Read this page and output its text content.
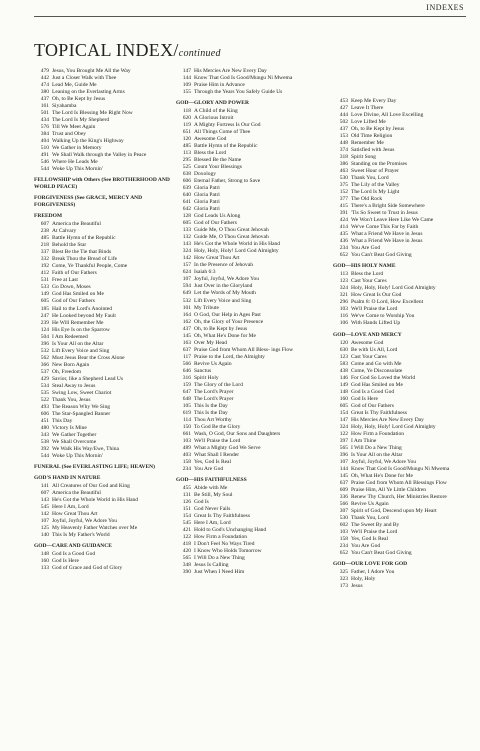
INDEXES
TOPICAL INDEX/continued
479 Jesus, You Brought Me All the Way
442 Just a Closer Walk with Thee
474 Lead Me, Guide Me
380 Leaning on the Everlasting Arms
437 Oh, to Be Kept by Jesus
161 Siyahamba
501 The Lord Is Blessing Me Right Now
434 The Lord Is My Shepherd
576 Till We Meet Again
384 Trust and Obey
404 Walking Up the King's Highway
510 We Gather in Memory
491 We Shall Walk through the Valley in Peace
546 Where He Leads Me
544 Woke Up This Mornin'
FELLOWSHIP with Others (See BROTHERHOOD AND WORLD PEACE)
FORGIVENESS (See GRACE, MERCY AND FORGIVENESS)
FREEDOM
607 America the Beautiful
238 At Calvary
485 Battle Hymn of the Republic
218 Behold the Star
337 Blest Be the Tie that Binds
332 Break Thou the Bread of Life
192 Come, Ye Thankful People, Come
412 Faith of Our Fathers
531 Free at Last
533 Go Down, Moses
149 God Has Smiled on Me
605 God of Our Fathers
185 Hail to the Lord's Anointed
247 He Looked beyond My Fault
239 He Will Remember Me
124 His Eye Is on the Sparrow
504 I Am Redeemed
396 Is Your All on the Altar
532 Lift Every Voice and Sing
562 Must Jesus Bear the Cross Alone
366 New Born Again
537 Oh, Freedom
429 Savior, like a Shepherd Lead Us
534 Steal Away to Jesus
535 Swing Low, Sweet Chariot
522 Thank You, Jesus
493 The Reason Why We Sing
606 The Star-Spangled Banner
451 This Day
480 Victory Is Mine
343 We Gather Together
538 We Shall Overcome
392 We Walk His Way/Ewe, Thina
544 Woke Up This Mornin'
FUNERAL (See EVERLASTING LIFE; HEAVEN)
GOD'S HAND IN NATURE
141 All Creatures of Our God and King
607 America the Beautiful
143 He's Got the Whole World in His Hand
545 Here I Am, Lord
142 How Great Thou Art
107 Joyful, Joyful, We Adore You
125 My Heavenly Father Watches over Me
140 This Is My Father's World
GOD—CARE AND GUIDANCE
148 God Is a Good God
160 God Is Here
133 God of Grace and God of Glory
147 His Mercies Are New Every Day
144 Know That God Is Good/Mungu Ni Mwema
109 Praise Him in Advance
155 Through the Years You Safely Guide Us
GOD—GLORY AND POWER
118 A Child of the King
620 A Glorious Introit
119 A Mighty Fortress Is Our God
651 All Things Come of Thee
120 Awesome God
485 Battle Hymn of the Republic
113 Bless the Lord
295 Blessed Be the Name
525 Count Your Blessings
638 Doxology
606 Eternal Father, Strong to Save
639 Gloria Patri
640 Gloria Patri
641 Gloria Patri
642 Gloria Patri
128 God Leads Us Along
605 God of Our Fathers
133 Guide Me, O Thou Great Jehovah
132 Guide Me, O Thou Great Jehovah
143 He's Got the Whole World in His Hand
324 Holy, Holy, Holy! Lord God Almighty
142 How Great Thou Art
157 In the Presence of Jehovah
624 Isaiah 6:3
107 Joyful, Joyful, We Adore You
594 Just Over in the Gloryland
649 Let the Words of My Mouth
532 Lift Every Voice and Sing
101 My Tribute
164 O God, Our Help in Ages Past
162 Oh, the Glory of Your Presence
437 Oh, to Be Kept by Jesus
145 Oh, What He's Done for Me
163 Over My Head
637 Praise God from Whom All Bless- ings Flow
117 Praise to the Lord, the Almighty
566 Revive Us Again
646 Sanctus
316 Spirit Holy
159 The Glory of the Lord
647 The Lord's Prayer
648 The Lord's Prayer
105 This Is the Day
619 This Is the Day
114 Thou Art Worthy
150 To God Be the Glory
661 Wash, O God, Our Sons and Daughters
103 We'll Praise the Lord
489 What a Mighty God We Serve
403 What Shall I Render
158 Yes, God Is Real
234 You Are God
GOD—HIS FAITHFULNESS
455 Abide with Me
131 Be Still, My Soul
126 God Is
151 God Never Fails
154 Great Is Thy Faithfulness
545 Here I Am, Lord
421 Hold to God's Unchanging Hand
122 How Firm a Foundation
418 I Don't Feel No Ways Tired
420 I Know Who Holds Tomorrow
565 I Will Do a New Thing
348 Jesus Is Calling
390 Just When I Need Him
453 Keep Me Every Day
427 Leave It There
444 Love Divine, All Love Excelling
502 Love Lifted Me
437 Oh, to Be Kept by Jesus
153 Old Time Religion
448 Remember Me
374 Satisfied with Jesus
318 Spirit Song
386 Standing on the Promises
463 Sweet Hour of Prayer
530 Thank You, Lord
375 The Lily of the Valley
152 The Lord Is My Light
377 The Old Rock
415 There's a Bright Side Somewhere
391 'Tis So Sweet to Trust in Jesus
424 We Won't Leave Here Like We Came
414 We've Come This Far by Faith
435 What a Friend We Have in Jesus
436 What a Friend We Have in Jesus
234 You Are God
652 You Can't Beat God Giving
GOD—HIS HOLY NAME
113 Bless the Lord
123 Cast Your Cares
324 Holy, Holy, Holy! Lord God Almighty
321 How Great Is Our God
296 Psalm 8: O Lord, How Excellent
103 We'll Praise the Lord
116 We've Come to Worship You
106 With Hands Lifted Up
GOD—LOVE AND MERCY
120 Awesome God
630 Be with Us All, Lord
123 Cast Your Cares
583 Come and Go with Me
438 Come, Ye Disconsolate
146 For God So Loved the World
149 God Has Smiled on Me
148 God Is a Good God
160 God Is Here
605 God of Our Fathers
154 Great Is Thy Faithfulness
147 His Mercies Are New Every Day
324 Holy, Holy, Holy! Lord God Almighty
122 How Firm a Foundation
397 I Am Thine
565 I Will Do a New Thing
396 Is Your All on the Altar
107 Joyful, Joyful, We Adore You
144 Know That God Is Good/Mungu Ni Mwema
145 Oh, What He's Done for Me
637 Praise God from Whom All Blessings Flow
609 Praise Him, All Ye Little Children
336 Renew Thy Church, Her Ministries Restore
566 Revive Us Again
307 Spirit of God, Descend upon My Heart
530 Thank You, Lord
602 The Sweet By and By
103 We'll Praise the Lord
158 Yes, God Is Real
234 You Are God
652 You Can't Beat God Giving
GOD—OUR LOVE FOR GOD
325 Father, I Adore You
323 Holy, Holy
173 Jesus
